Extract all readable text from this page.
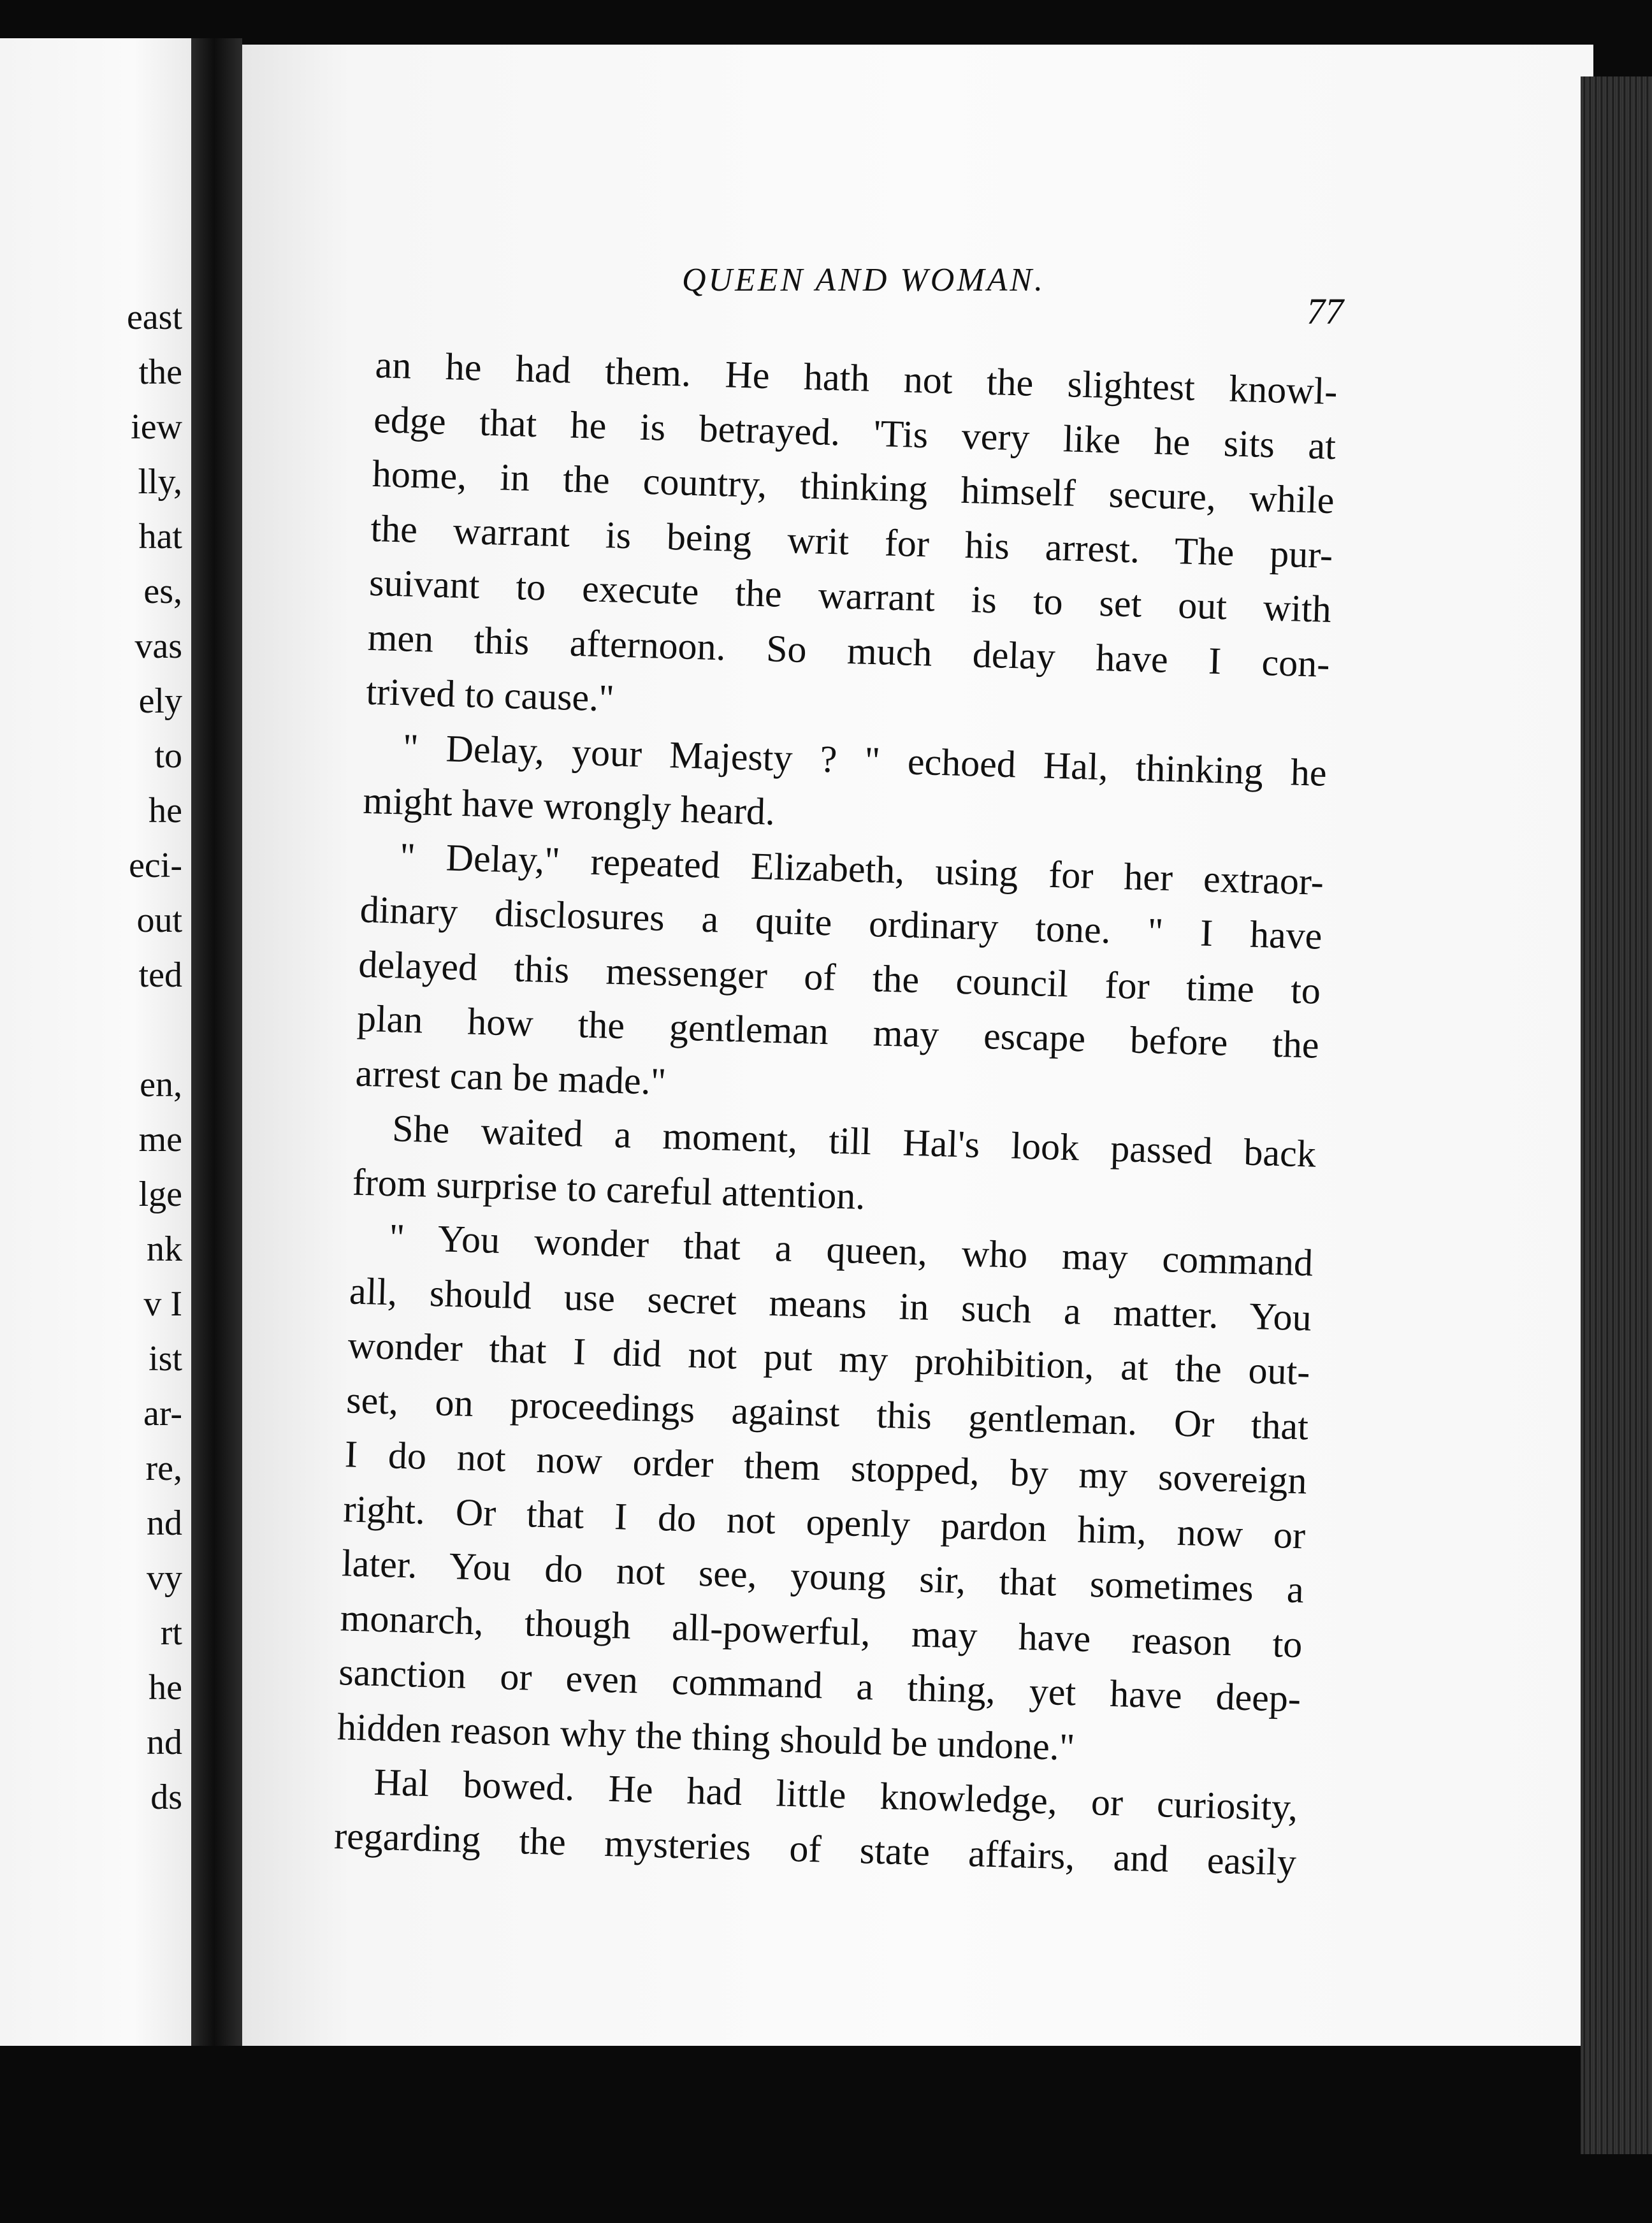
east

the

iew

lly,

hat

es,

vas

ely

to

he

eci-

out

ted

en,

me

lge

nk

v I

ist

ar-

re,

nd

vy

rt

he

nd

ds

QUEEN AND WOMAN.

77

an he had them. He hath not the slightest knowl-
edge that he is betrayed. 'Tis very like he sits at
home, in the country, thinking himself secure, while
the warrant is being writ for his arrest. The pur-
suivant to execute the warrant is to set out with
men this afternoon. So much delay have I con-
trived to cause."
" Delay, your Majesty ? " echoed Hal, thinking he
might have wrongly heard.
" Delay," repeated Elizabeth, using for her extraor-
dinary disclosures a quite ordinary tone. " I have
delayed this messenger of the council for time to
plan how the gentleman may escape before the
arrest can be made."
She waited a moment, till Hal's look passed back
from surprise to careful attention.
" You wonder that a queen, who may command
all, should use secret means in such a matter. You
wonder that I did not put my prohibition, at the out-
set, on proceedings against this gentleman. Or that
I do not now order them stopped, by my sovereign
right. Or that I do not openly pardon him, now or
later. You do not see, young sir, that sometimes a
monarch, though all-powerful, may have reason to
sanction or even command a thing, yet have deep-
hidden reason why the thing should be undone."
Hal bowed. He had little knowledge, or curiosity,
regarding the mysteries of state affairs, and easily
